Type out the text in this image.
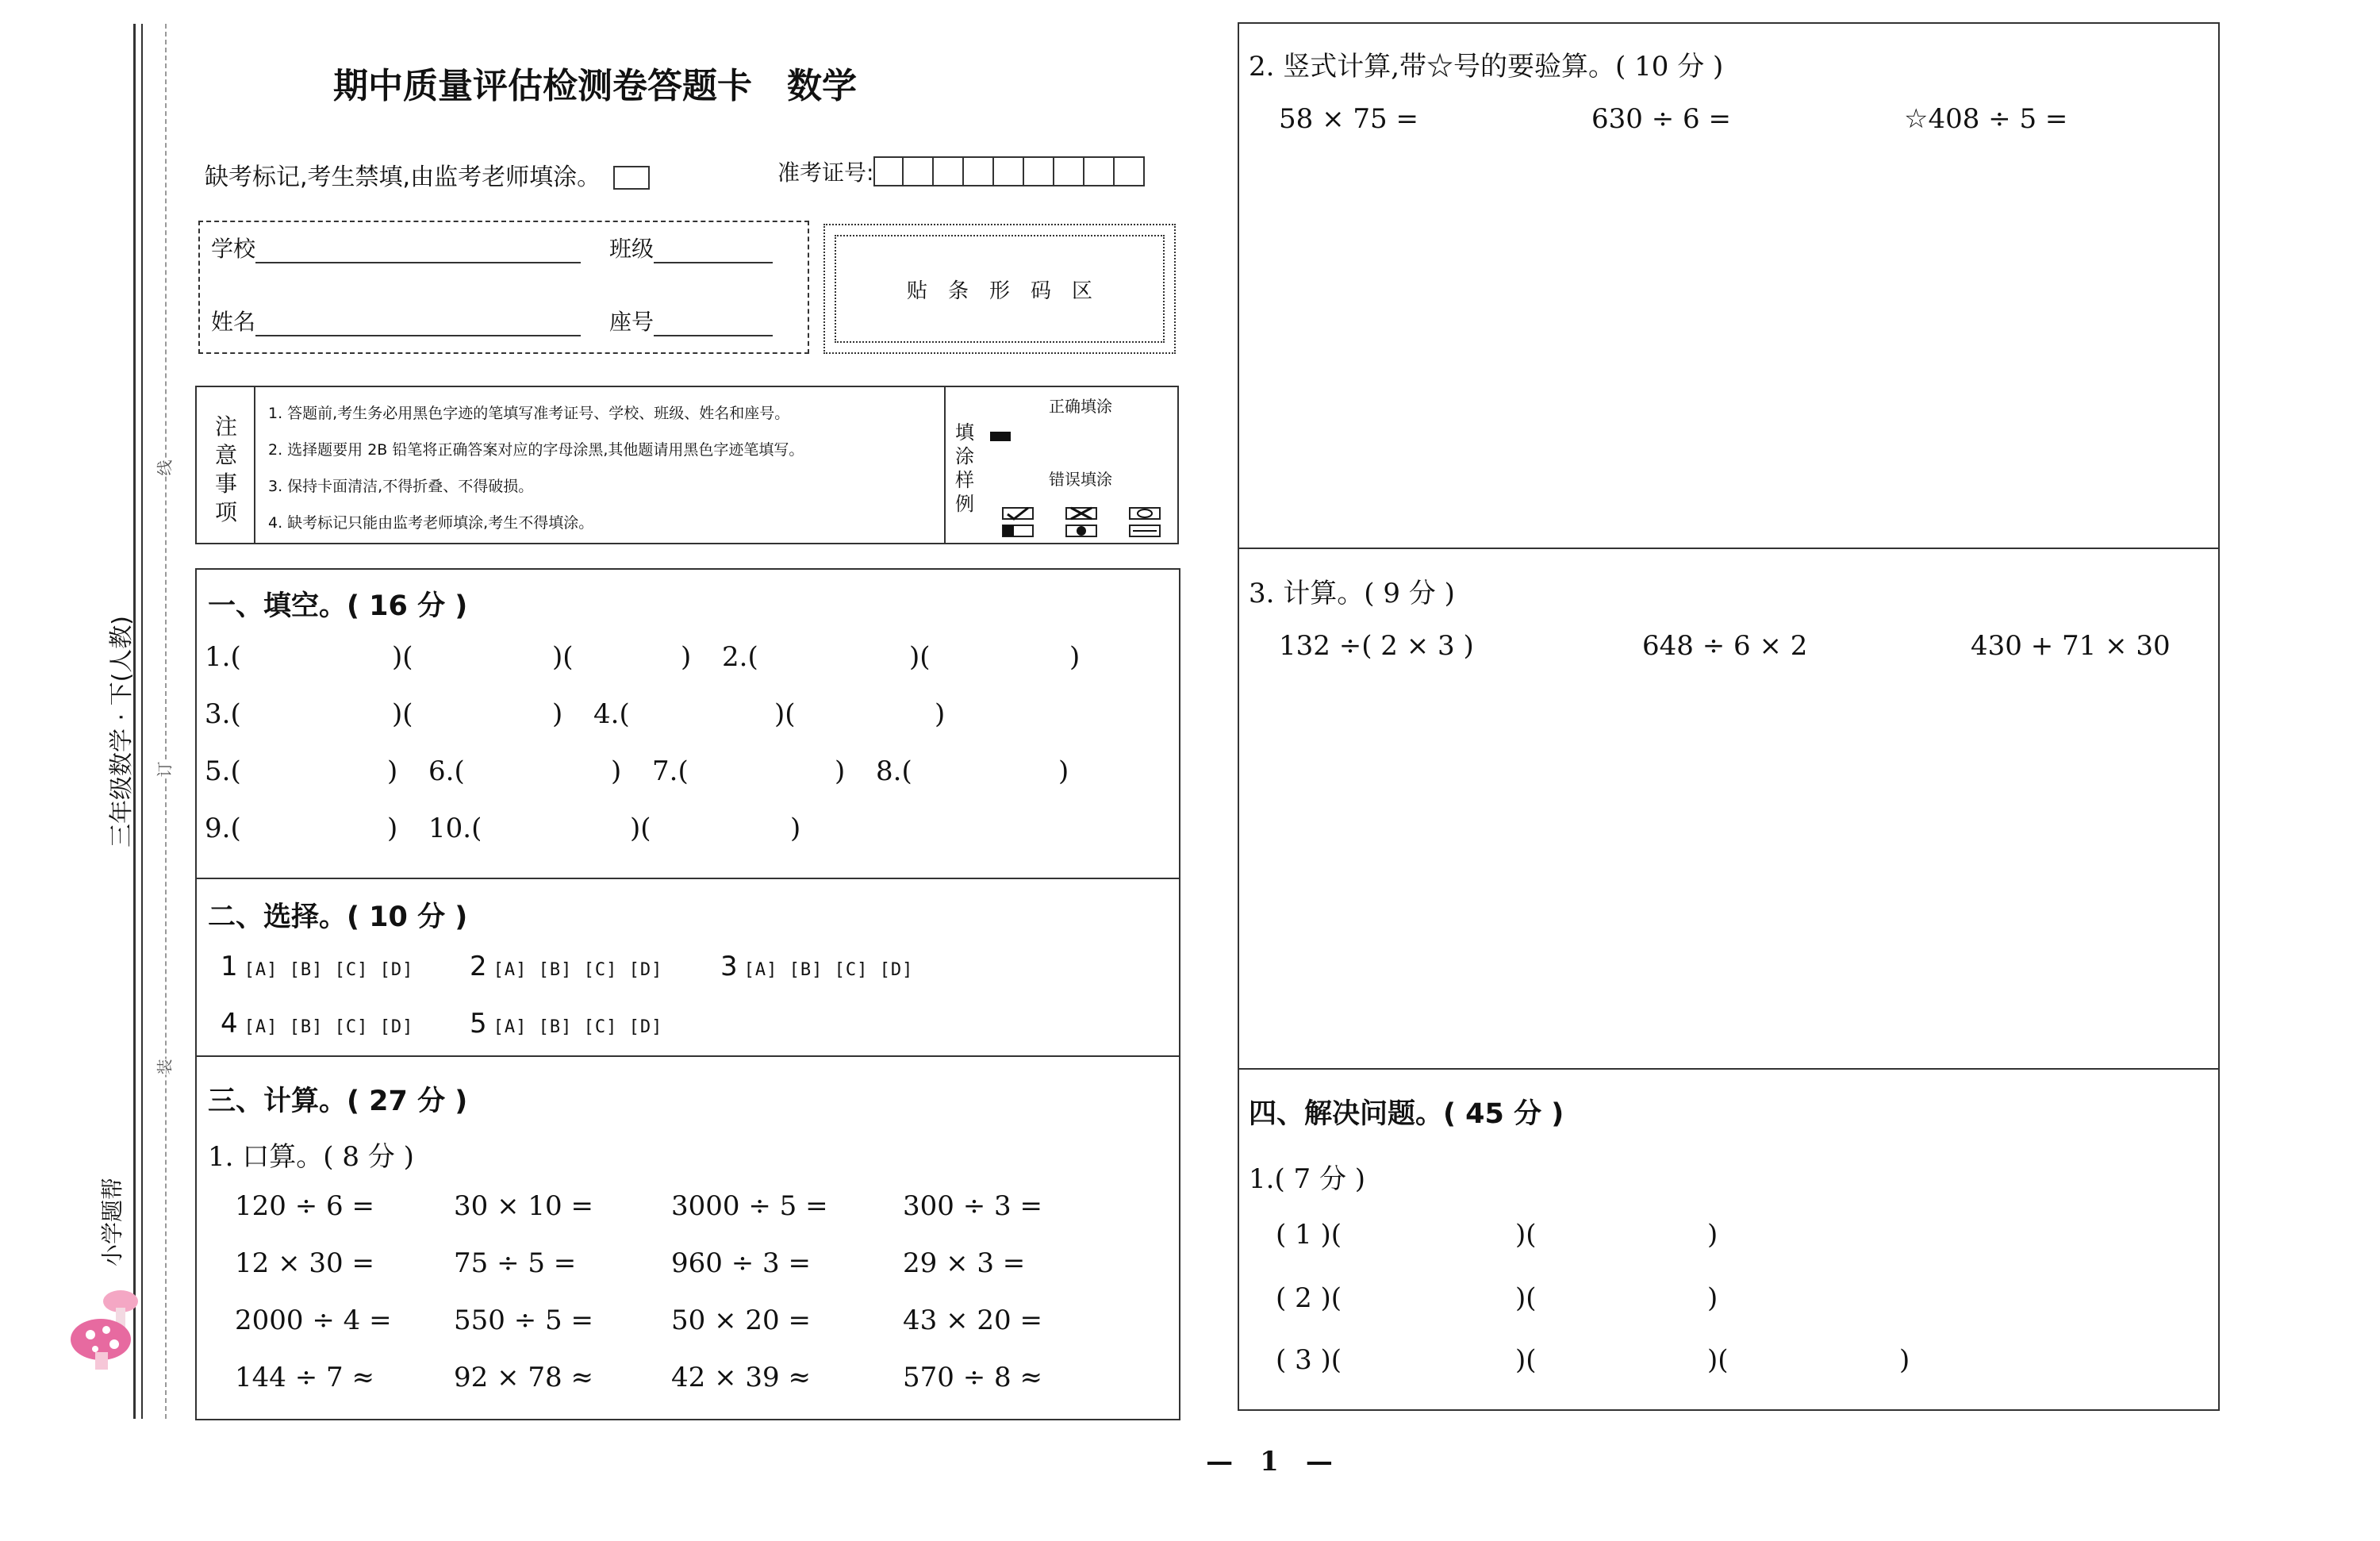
线
订
装
三年级数学 · 下(人教)
小学题帮
期中质量评估检测卷答题卡　数学
缺考标记,考生禁填,由监考老师填涂。	准考证号:
学校	班级
姓名	座号
贴　条　形　码　区
注意事项
1. 答题前,考生务必用黑色字迹的笔填写准考证号、学校、班级、姓名和座号。
2. 选择题要用 2B 铅笔将正确答案对应的字母涂黑,其他题请用黑色字迹笔填写。
3. 保持卡面清洁,不得折叠、不得破损。
4. 缺考标记只能由监考老师填涂,考生不得填涂。
填涂样例
正确填涂
错误填涂
一、填空。( 16 分 )
1.(	)(	)(	) 2.(	)(	)
3.(	)(	) 4.(	)(	)
5.(	) 6.(	) 7.(	) 8.(	)
9.(	) 10.(	)(	)
二、选择。( 10 分 )
1 [A] [B] [C] [D] 2 [A] [B] [C] [D] 3 [A] [B] [C] [D]
4 [A] [B] [C] [D] 5 [A] [B] [C] [D]
三、计算。( 27 分 )
1. 口算。( 8 分 )
120 ÷ 6 =	30 × 10 =	3000 ÷ 5 =	300 ÷ 3 =
12 × 30 =	75 ÷ 5 =	960 ÷ 3 =	29 × 3 =
2000 ÷ 4 = 550 ÷ 5 =	50 × 20 =	43 × 20 =
144 ÷ 7 ≈	92 × 78 ≈	42 × 39 ≈	570 ÷ 8 ≈
2. 竖式计算,带☆号的要验算。( 10 分 )
58 × 75 =	630 ÷ 6 =	☆408 ÷ 5 =
3. 计算。( 9 分 )
132 ÷( 2 × 3 )	648 ÷ 6 × 2	430 + 71 × 30
四、解决问题。( 45 分 )
1.( 7 分 )
( 1 )(	)(	)
( 2 )(	)(	)
( 3 )(	)(	)(	)
—　1　—
